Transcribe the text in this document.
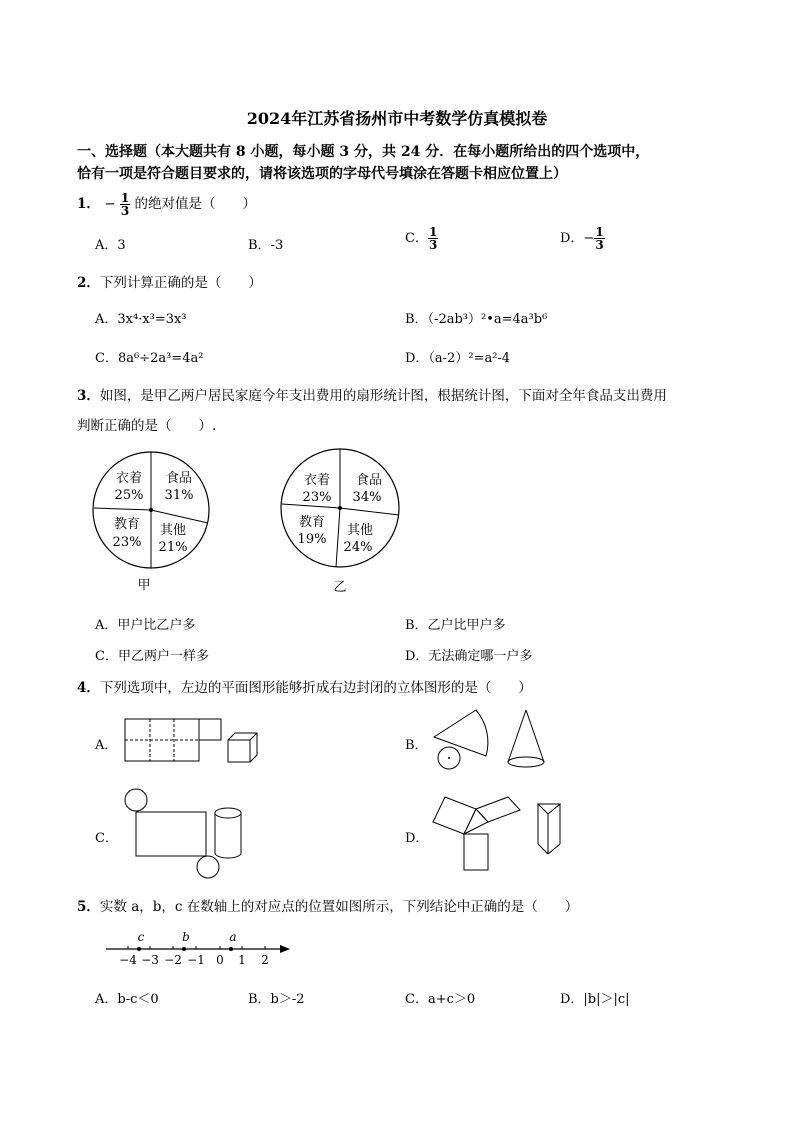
2024年江苏省扬州市中考数学仿真模拟卷
一、选择题（本大题共有 8 小题，每小题 3 分，共 24 分．在每小题所给出的四个选项中，
恰有一项是符合题目要求的，请将该选项的字母代号填涂在答题卡相应位置上）
1． − $\frac{1}{3}$ 的绝对值是（　　）
A．3	B．-3	C． $\frac{1}{3}$	D．− $\frac{1}{3}$
2．下列计算正确的是（　　）
A．3x⁴·x³=3x³	B．（-2ab³）²•a=4a³b⁶
C．8a⁶÷2a³=4a²	D．（a-2）²=a²-4
3．如图，是甲乙两户居民家庭今年支出费用的扇形统计图，根据统计图，下面对全年食品支出费用
判断正确的是（　　）.
食品
31%
其他
21%
教育
23%
衣着
25%
甲
食品
34%
其他
24%
教育
19%
衣着
23%
乙
A．甲户比乙户多	B．乙户比甲户多
C．甲乙两户一样多	D．无法确定哪一户多
4．下列选项中，左边的平面图形能够折成右边封闭的立体图形的是（　　）
A．	B．
C．	D．
5．实数 a，b，c 在数轴上的对应点的位置如图所示，下列结论中正确的是（　　）
−4 −3 −2 −1 0 1 2
c	b	a
A．b-c＜0	B．b＞-2	C．a+c＞0	D．|b|＞|c|
